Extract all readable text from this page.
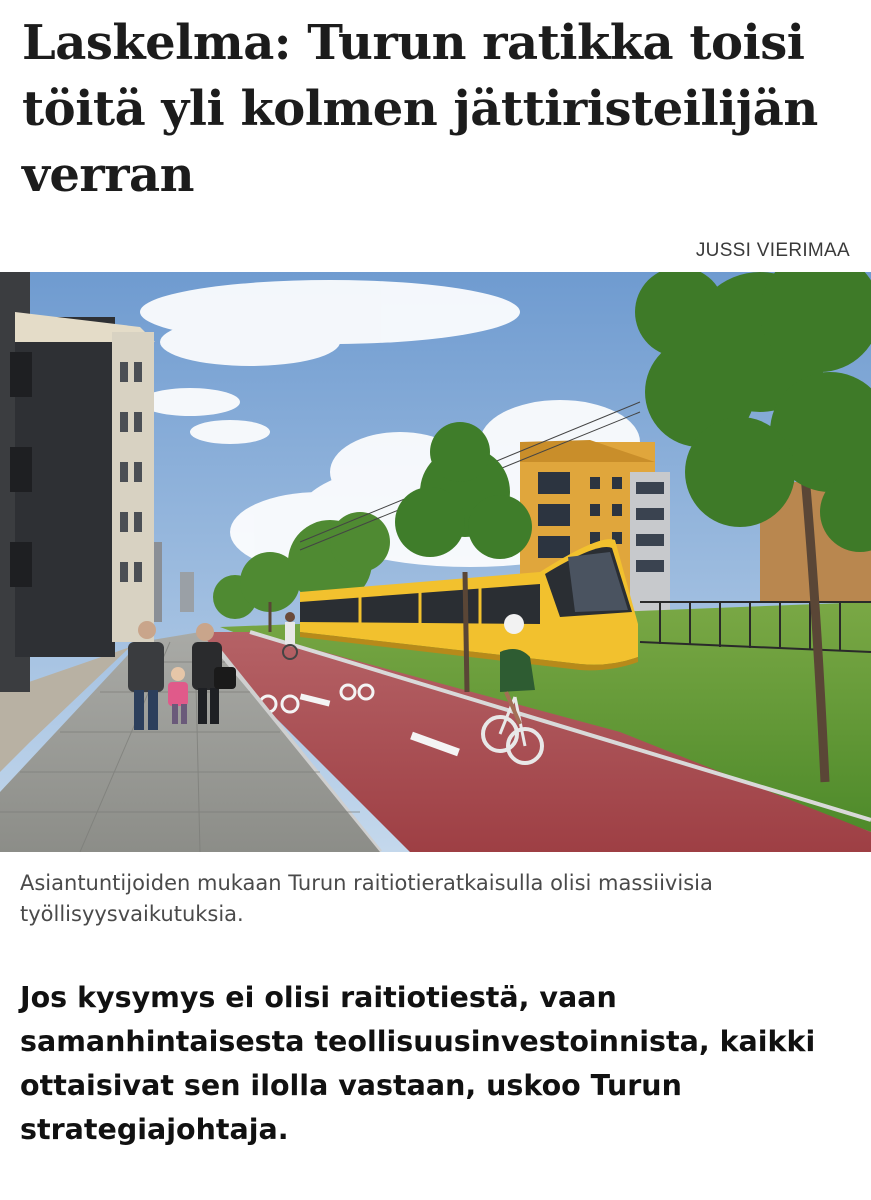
Laskelma: Turun ratikka toisi töitä yli kolmen jättiristeilijän verran
JUSSI VIERIMAA
Asiantuntijoiden mukaan Turun raitiotieratkaisulla olisi massiivisia työllisyysvaikutuksia.

Jos kysymys ei olisi raitiotiestä, vaan samanhintaisesta teollisuusinvestoinnista, kaikki ottaisivat sen ilolla vastaan, uskoo Turun strategiajohtaja.
